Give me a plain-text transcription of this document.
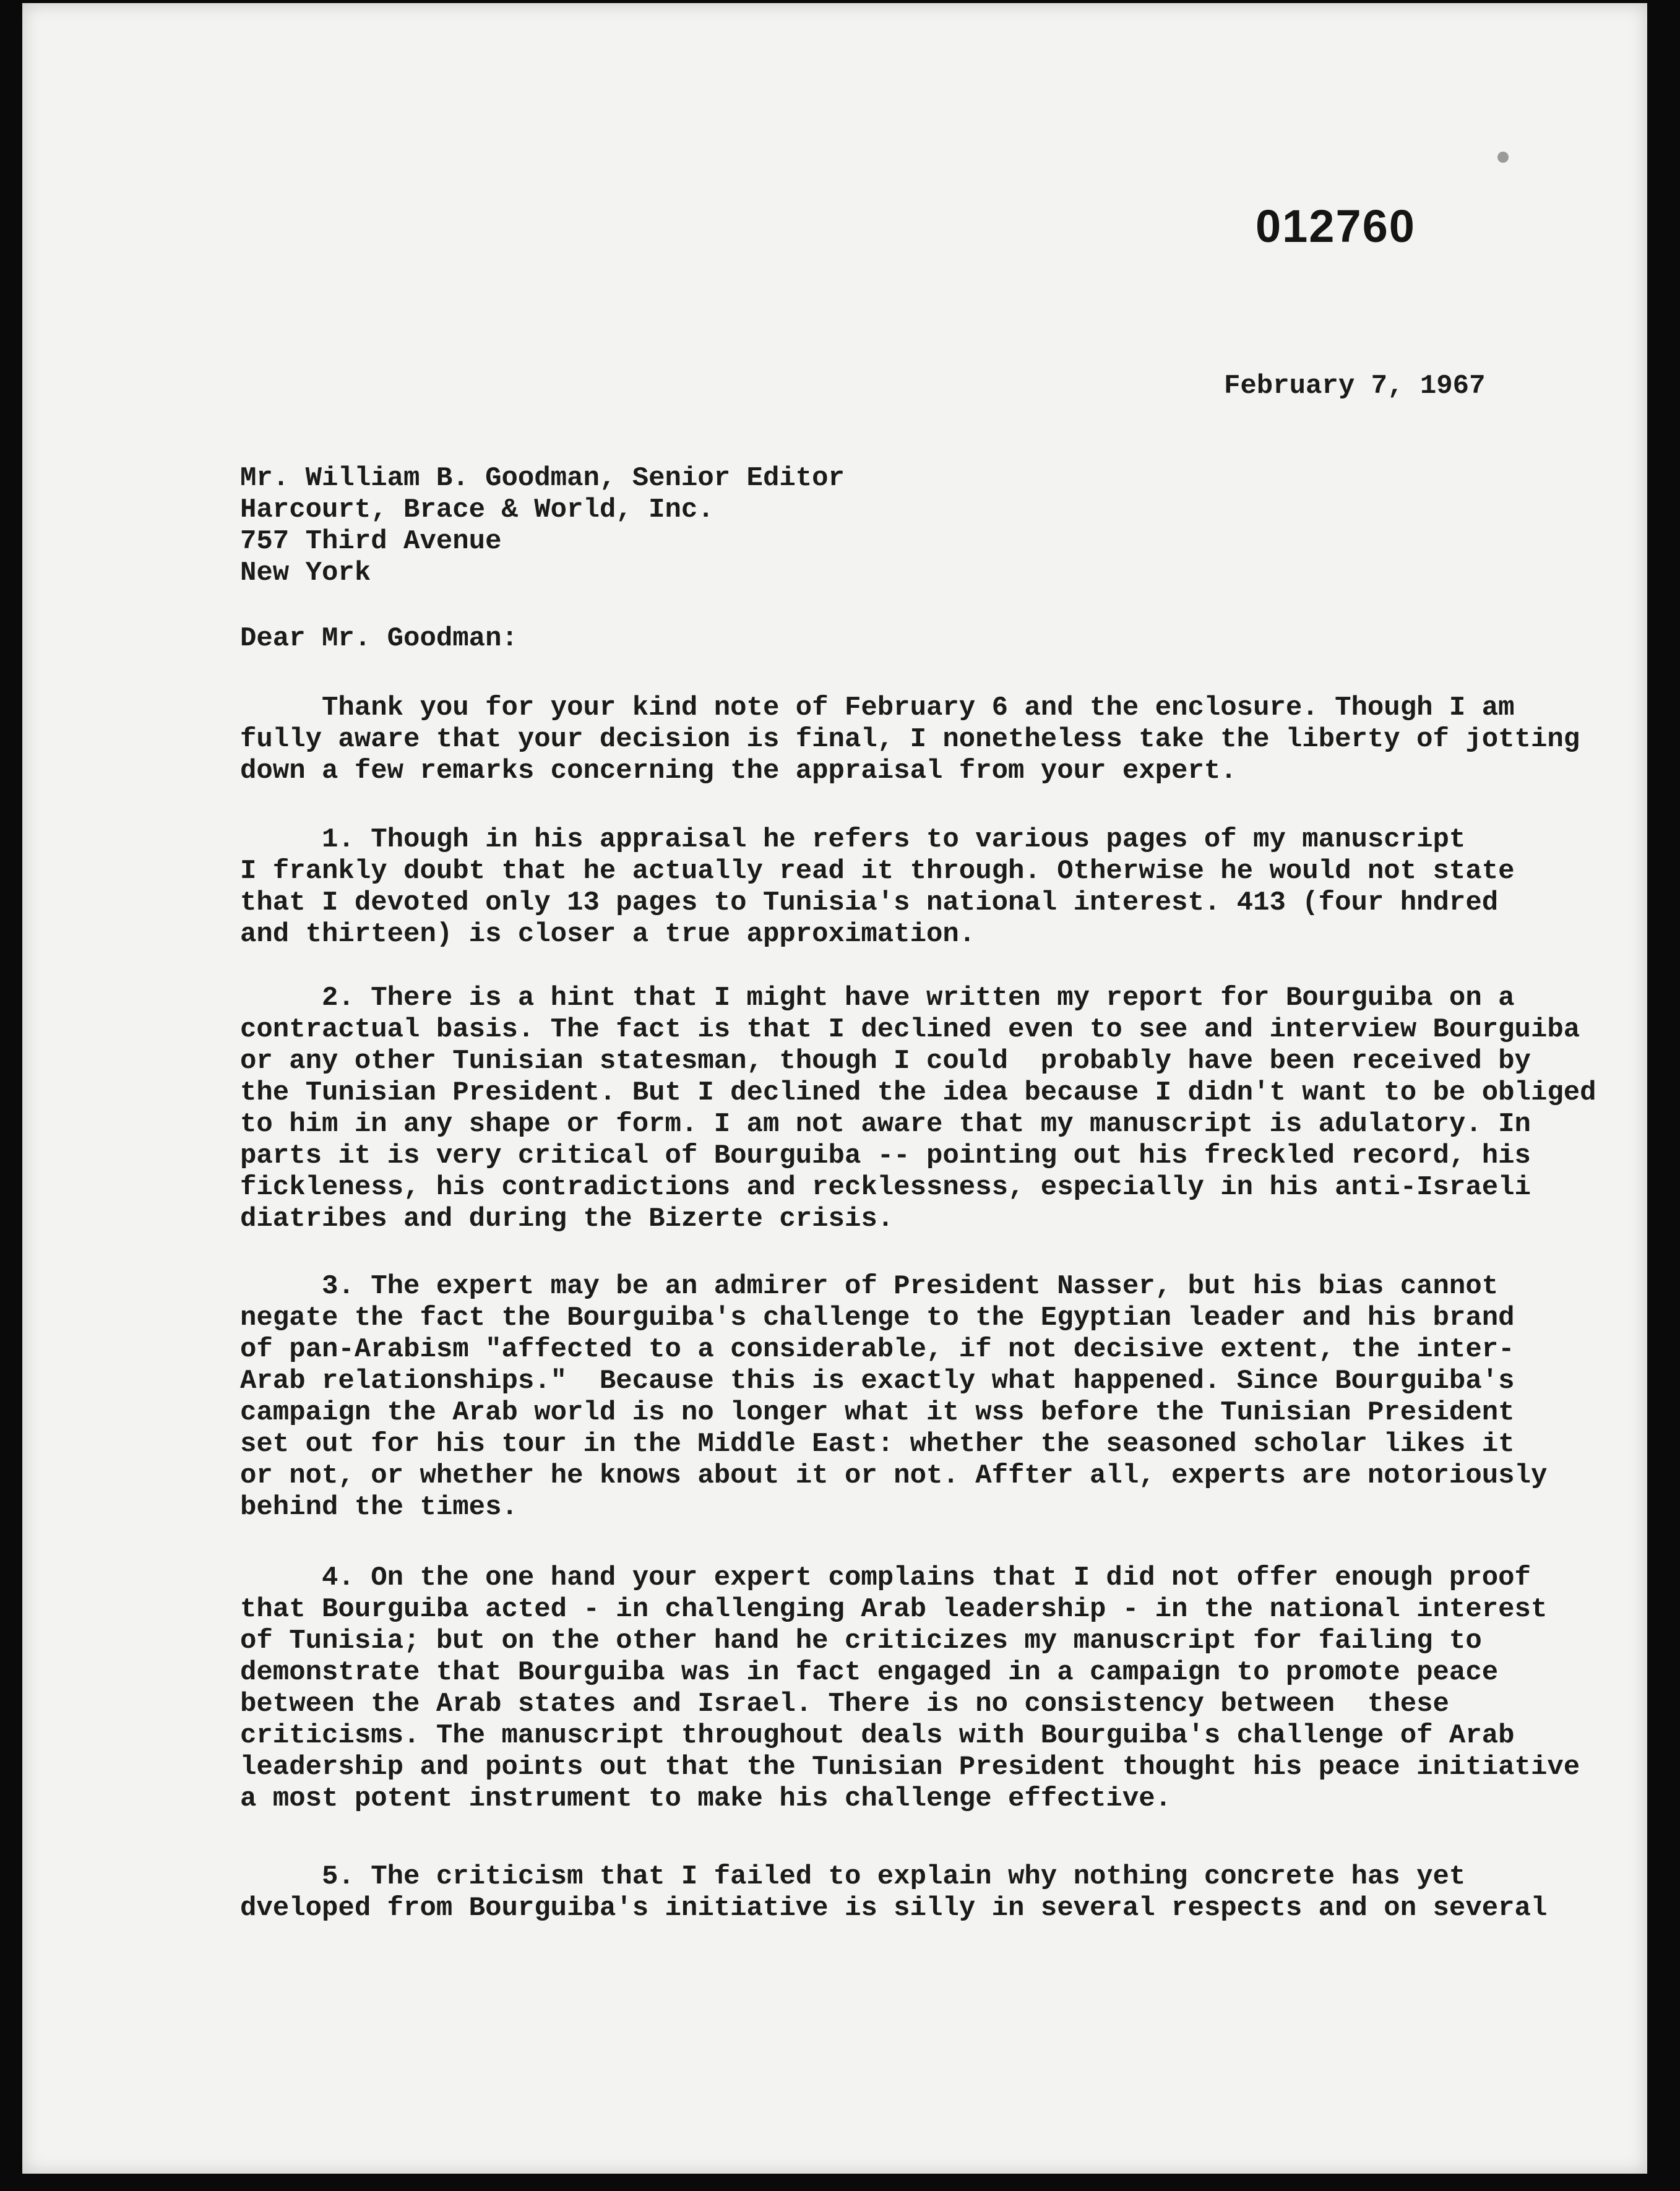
012760
February 7, 1967
Mr. William B. Goodman, Senior Editor
Harcourt, Brace & World, Inc.
757 Third Avenue
New York
Dear Mr. Goodman:
Thank you for your kind note of February 6 and the enclosure. Though I am
fully aware that your decision is final, I nonetheless take the liberty of jotting
down a few remarks concerning the appraisal from your expert.
1. Though in his appraisal he refers to various pages of my manuscript
I frankly doubt that he actually read it through. Otherwise he would not state
that I devoted only 13 pages to Tunisia's national interest. 413 (four hndred
and thirteen) is closer a true approximation.
2. There is a hint that I might have written my report for Bourguiba on a
contractual basis. The fact is that I declined even to see and interview Bourguiba
or any other Tunisian statesman, though I could  probably have been received by
the Tunisian President. But I declined the idea because I didn't want to be obliged
to him in any shape or form. I am not aware that my manuscript is adulatory. In
parts it is very critical of Bourguiba -- pointing out his freckled record, his
fickleness, his contradictions and recklessness, especially in his anti-Israeli
diatribes and during the Bizerte crisis.
3. The expert may be an admirer of President Nasser, but his bias cannot
negate the fact the Bourguiba's challenge to the Egyptian leader and his brand
of pan-Arabism "affected to a considerable, if not decisive extent, the inter-
Arab relationships."  Because this is exactly what happened. Since Bourguiba's
campaign the Arab world is no longer what it wss before the Tunisian President
set out for his tour in the Middle East: whether the seasoned scholar likes it
or not, or whether he knows about it or not. Affter all, experts are notoriously
behind the times.
4. On the one hand your expert complains that I did not offer enough proof
that Bourguiba acted - in challenging Arab leadership - in the national interest
of Tunisia; but on the other hand he criticizes my manuscript for failing to
demonstrate that Bourguiba was in fact engaged in a campaign to promote peace
between the Arab states and Israel. There is no consistency between  these
criticisms. The manuscript throughout deals with Bourguiba's challenge of Arab
leadership and points out that the Tunisian President thought his peace initiative
a most potent instrument to make his challenge effective.
5. The criticism that I failed to explain why nothing concrete has yet
dveloped from Bourguiba's initiative is silly in several respects and on several
